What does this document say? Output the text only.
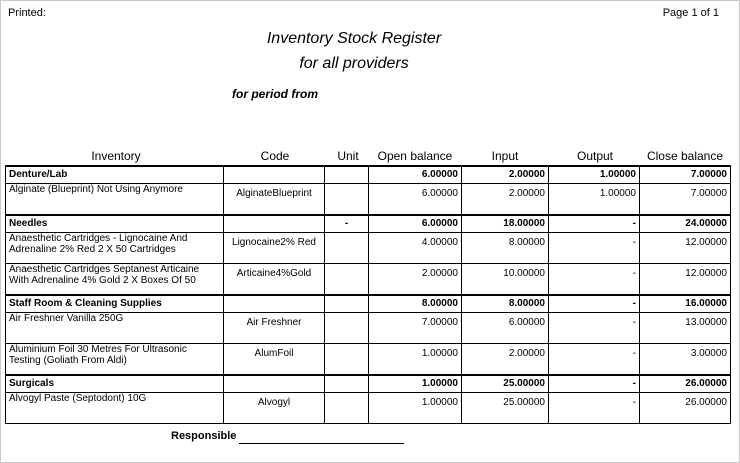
Printed:	Page 1 of 1
Inventory Stock Register
for all providers
for period from
Inventory	Code	Unit	Open balance	Input	Output	Close balance
Denture/Lab			6.00000	2.00000	1.00000	7.00000

Alginate (Blueprint) Not Using Anymore	AlginateBlueprint		6.00000	2.00000	1.00000	7.00000

Needles		-	6.00000	18.00000	-	24.00000

Anaesthetic Cartridges - Lignocaine And Adrenaline 2% Red 2 X 50 Cartridges	Lignocaine2% Red		4.00000	8.00000	-	12.00000

Anaesthetic Cartridges Septanest Articaine With Adrenaline 4% Gold 2 X Boxes Of 50	Articaine4%Gold		2.00000	10.00000	-	12.00000

Staff Room & Cleaning Supplies			8.00000	8.00000	-	16.00000

Air Freshner Vanilla 250G	Air Freshner		7.00000	6.00000	-	13.00000

Aluminium Foil 30 Metres For Ultrasonic Testing (Goliath From Aldi)	AlumFoil		1.00000	2.00000	-	3.00000

Surgicals			1.00000	25.00000	-	26.00000

Alvogyl Paste (Septodont) 10G	Alvogyl		1.00000	25.00000	-	26.00000
Responsible
